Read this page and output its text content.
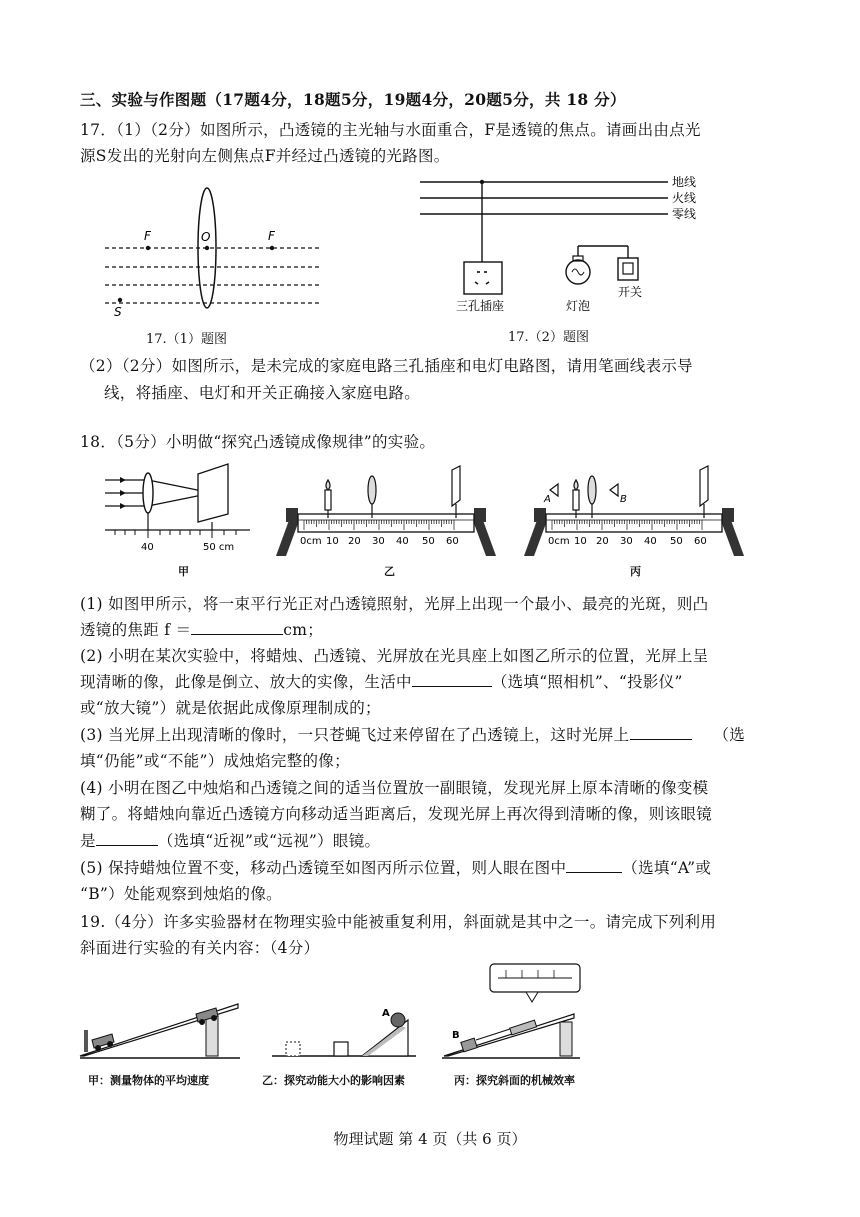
三、实验与作图题（17题4分，18题5分，19题4分，20题5分，共 18 分）
17．（1）（2分）如图所示，凸透镜的主光轴与水面重合，F是透镜的焦点。请画出由点光
源S发出的光射向左侧焦点F并经过凸透镜的光路图。
F	O	F
S
17.（1）题图
地线
火线
零线
三孔插座	灯泡
开关
17.（2）题图
（2）（2分）如图所示，是未完成的家庭电路三孔插座和电灯电路图，请用笔画线表示导
线，将插座、电灯和开关正确接入家庭电路。
18．（5分）小明做“探究凸透镜成像规律”的实验。
40	50 cm
甲
0cm 10 20 30 40 50 60
乙
A	B
0cm 10 20 30 40 50 60
丙
(1) 如图甲所示，将一束平行光正对凸透镜照射，光屏上出现一个最小、最亮的光斑，则凸
透镜的焦距 f ＝	cm；
(2) 小明在某次实验中，将蜡烛、凸透镜、光屏放在光具座上如图乙所示的位置，光屏上呈
现清晰的像，此像是倒立、放大的实像，生活中	（选填“照相机”、“投影仪”
或“放大镜”）就是依据此成像原理制成的；
(3) 当光屏上出现清晰的像时，一只苍蝇飞过来停留在了凸透镜上，这时光屏上	（选
填“仍能”或“不能”）成烛焰完整的像；
(4) 小明在图乙中烛焰和凸透镜之间的适当位置放一副眼镜，发现光屏上原本清晰的像变模
糊了。将蜡烛向靠近凸透镜方向移动适当距离后，发现光屏上再次得到清晰的像，则该眼镜
是	（选填“近视”或“远视”）眼镜。
(5) 保持蜡烛位置不变，移动凸透镜至如图丙所示位置，则人眼在图中	（选填“A”或
“B”）处能观察到烛焰的像。
19.（4分）许多实验器材在物理实验中能被重复利用，斜面就是其中之一。请完成下列利用
斜面进行实验的有关内容：（4分）
甲：测量物体的平均速度
A
乙：探究动能大小的影响因素
B
丙：探究斜面的机械效率
物理试题 第 4 页（共 6 页）
